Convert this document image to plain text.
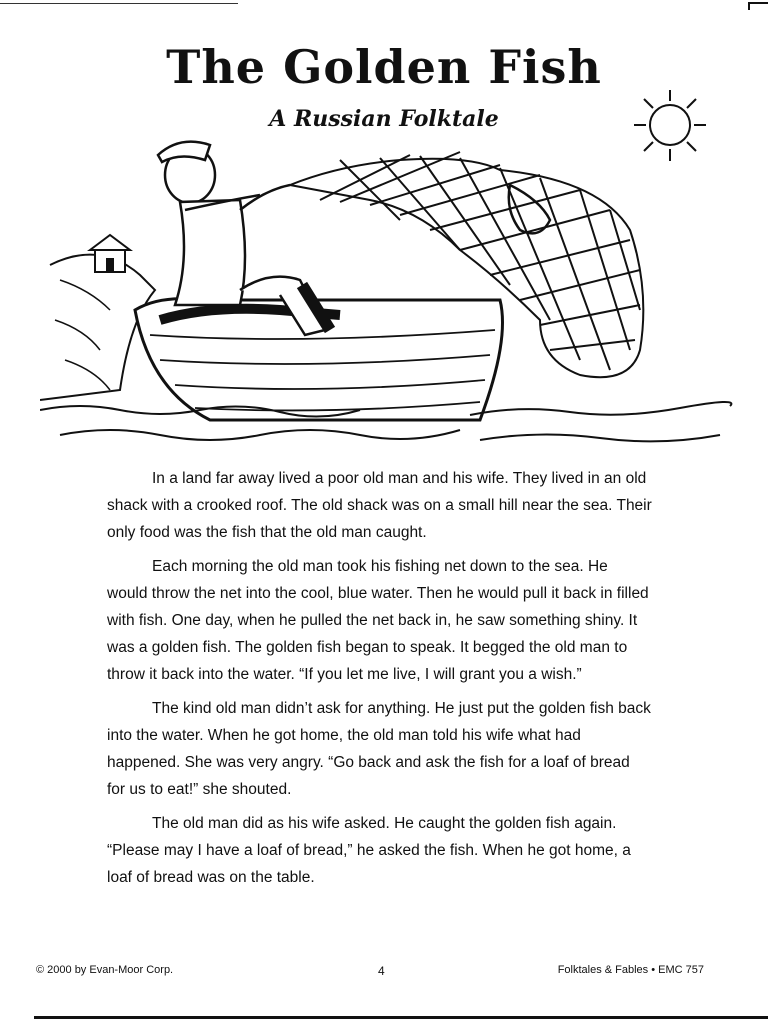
The Golden Fish
A Russian Folktale

In a land far away lived a poor old man and his wife. They lived in an old shack with a crooked roof. The old shack was on a small hill near the sea. Their only food was the fish that the old man caught.

Each morning the old man took his fishing net down to the sea. He would throw the net into the cool, blue water. Then he would pull it back in filled with fish. One day, when he pulled the net back in, he saw something shiny. It was a golden fish. The golden fish began to speak. It begged the old man to throw it back into the water. “If you let me live, I will grant you a wish.”

The kind old man didn’t ask for anything. He just put the golden fish back into the water. When he got home, the old man told his wife what had happened. She was very angry. “Go back and ask the fish for a loaf of bread for us to eat!” she shouted.

The old man did as his wife asked. He caught the golden fish again. “Please may I have a loaf of bread,” he asked the fish. When he got home, a loaf of bread was on the table.

© 2000 by Evan-Moor Corp.	4	Folktales & Fables • EMC 757
